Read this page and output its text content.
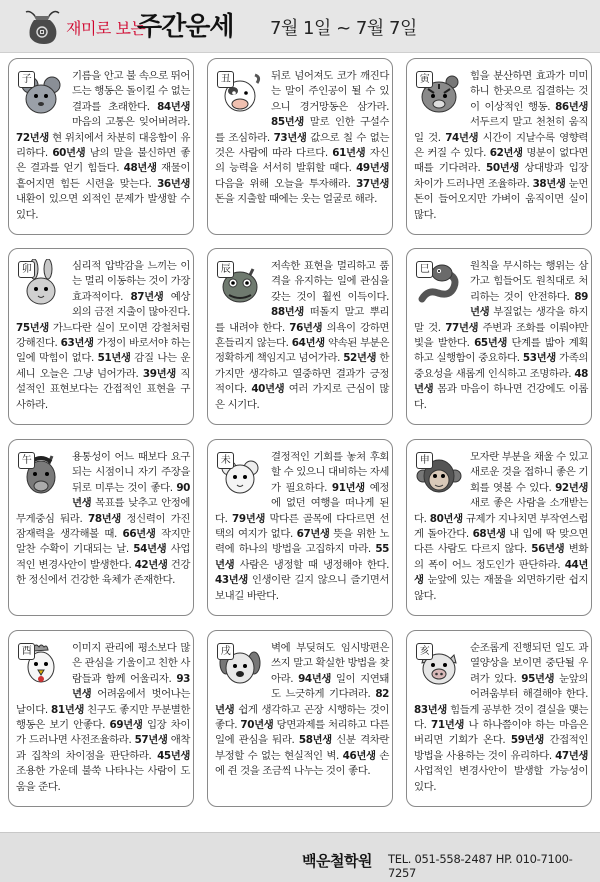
재미로 보는
주간운세 7월 1일 ~ 7월 7일
子	기름을 안고 불 속으로 뛰어드는 행동은 돌이킬 수 없는 결과를 초래한다. 84년생 마음의 고통은 잊어버려라. 72년생 현 위치에서 차분히 대응함이 유리하다. 60년생 남의 말을 불신하면 좋은 결과를 얻기 힘들다. 48년생 재물이 흩어지면 힘든 시련을 맞는다. 36년생 내환이 있으면 외적인 문제가 발생할 수 있다.
丑	뒤로 넘어져도 코가 깨진다는 말이 주인공이 될 수 있으니 경거망동은 삼가라. 85년생 말로 인한 구설수를 조심하라. 73년생 값으로 칠 수 없는 것은 사람에 따라 다르다. 61년생 자신의 능력을 서서히 발휘할 때다. 49년생 다음을 위해 오늘을 투자해라. 37년생 돈을 지출할 때에는 웃는 얼굴로 해라.
寅	힘을 분산하면 효과가 미미하니 한곳으로 집결하는 것이 이상적인 행동. 86년생 서두르지 말고 천천히 움직일 것. 74년생 시간이 지날수록 영향력은 커질 수 있다. 62년생 명분이 없다면 때를 기다려라. 50년생 상대방과 입장 차이가 드러나면 조율하라. 38년생 눈먼 돈이 들어오지만 가벼이 움직이면 실이 많다.
卯	심리적 압박감을 느끼는 이는 멀리 이동하는 것이 가장 효과적이다. 87년생 예상외의 금전 지출이 많아진다. 75년생 가느다란 실이 모이면 강철처럼 강해진다. 63년생 가정이 바로서야 하는 일에 막힘이 없다. 51년생 감질 나는 운세니 오늘은 그냥 넘어가라. 39년생 직설적인 표현보다는 간접적인 표현을 구사하라.
辰	저속한 표현을 멀리하고 품격을 유지하는 일에 관심을 갖는 것이 훨씬 이득이다. 88년생 떠돌지 말고 뿌리를 내려야 한다. 76년생 의욕이 강하면 흔들리지 않는다. 64년생 약속된 부분은 정확하게 책임지고 넘어가라. 52년생 한 가지만 생각하고 열중하면 결과가 긍정적이다. 40년생 여러 가지로 근심이 많은 시기다.
巳	원칙을 무시하는 행위는 삼가고 힘들어도 원칙대로 처리하는 것이 안전하다. 89년생 부질없는 생각을 하지 말 것. 77년생 주변과 조화를 이뤄야만 빛을 발한다. 65년생 단계를 밟아 계획하고 실행함이 중요하다. 53년생 가족의 중요성을 새롭게 인식하고 조명하라. 48년생 몸과 마음이 하나면 건강에도 이롭다.
午	용통성이 어느 때보다 요구되는 시점이니 자기 주장을 뒤로 미루는 것이 좋다. 90년생 목표를 낮추고 안정에 무게중심 둬라. 78년생 정신력이 가진 잠재력을 생각해볼 때. 66년생 작지만 알찬 수확이 기대되는 날. 54년생 사업적인 변경사안이 발생한다. 42년생 건강한 정신에서 건강한 육체가 존재한다.
未	결정적인 기회를 놓쳐 후회할 수 있으니 대비하는 자세가 필요하다. 91년생 예정에 없던 여행을 떠나게 된다. 79년생 막다른 골목에 다다르면 선택의 여지가 없다. 67년생 뜻을 위한 노력에 하나의 방법을 고집하지 마라. 55년생 사람은 냉정할 때 냉정해야 한다. 43년생 인생이란 길지 않으니 즐기면서 보내길 바란다.
申	모자란 부분을 채울 수 있고 새로운 것을 접하니 좋은 기회를 엿볼 수 있다. 92년생 새로 좋은 사람을 소개받는다. 80년생 규제가 지나치면 부작연스럽게 돌아간다. 68년생 내 입에 딱 맞으면 다른 사람도 다르지 않다. 56년생 변화의 폭이 어느 정도인가 판단하라. 44년생 눈앞에 있는 재물을 외면하기란 쉽지 않다.
酉	이미지 관리에 평소보다 많은 관심을 기울이고 친한 사람들과 함께 어울리자. 93년생 어려움에서 벗어나는 날이다. 81년생 친구도 좋지만 무분별한 행동은 보기 안좋다. 69년생 입장 차이가 드러나면 사전조율하라. 57년생 애착과 집착의 차이점을 판단하라. 45년생 조용한 가운데 불쑥 나타나는 사람이 도움을 준다.
戌	벽에 부딪혀도 임시방편은 쓰지 말고 확실한 방법을 찾아라. 94년생 일이 지연돼도 느긋하게 기다려라. 82년생 쉽게 생각하고 곤장 시행하는 것이 좋다. 70년생 당면과제를 처리하고 다른 일에 관심을 둬라. 58년생 신분 격차란 부정할 수 없는 현실적인 벽. 46년생 손에 쥔 것을 조금씩 나누는 것이 좋다.
亥	순조롭게 진행되던 일도 과열양상을 보이면 중단될 우려가 있다. 95년생 눈앞의 어려움부터 해결해야 한다. 83년생 힘들게 공부한 것이 결실을 맺는다. 71년생 나 하나쯤이야 하는 마음은 버리면 기회가 온다. 59년생 간접적인 방법을 사용하는 것이 유리하다. 47년생 사업적인 변경사안이 발생할 가능성이 있다.
백운철학원 TEL. 051-558-2487 HP. 010-7100-7257
